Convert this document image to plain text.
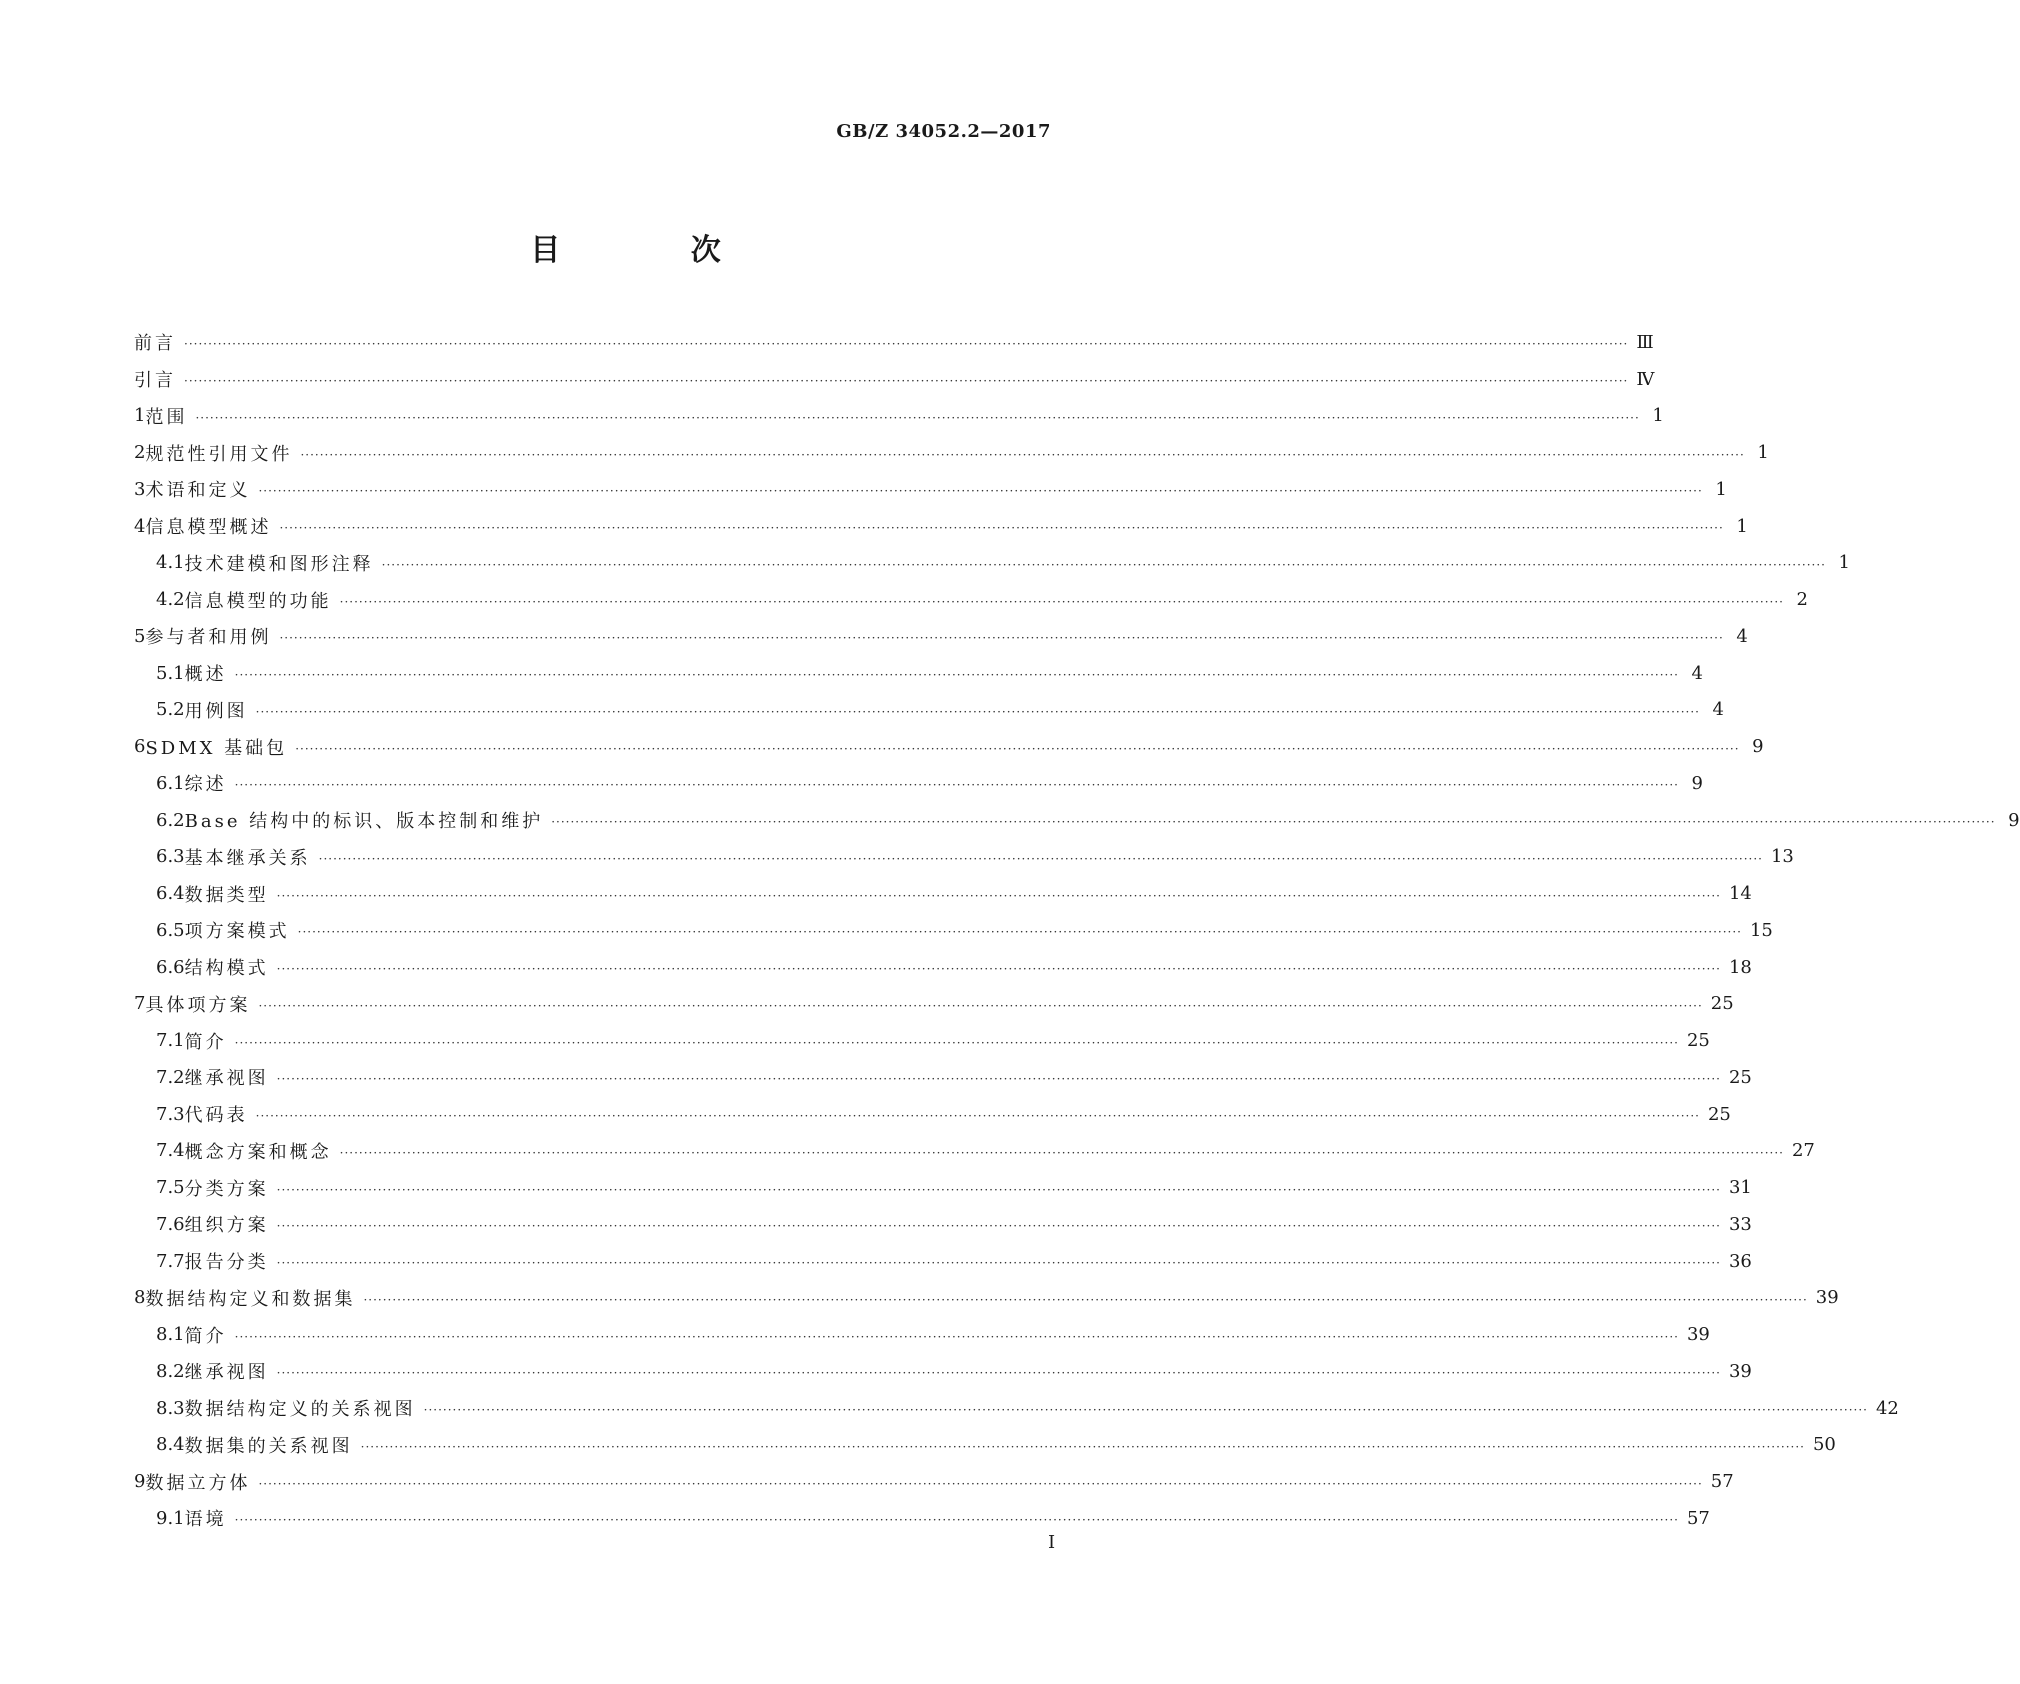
GB/Z 34052.2—2017
目 次
前言 ············································································································································································································································································································ Ⅲ
引言 ············································································································································································································································································································ Ⅳ
1 范围 ············································································································································································································································································································ 1
2 规范性引用文件 ············································································································································································································································································································ 1
3 术语和定义 ············································································································································································································································································································ 1
4 信息模型概述 ············································································································································································································································································································ 1
4.1 技术建模和图形注释 ············································································································································································································································································································ 1
4.2 信息模型的功能 ············································································································································································································································································································ 2
5 参与者和用例 ············································································································································································································································································································ 4
5.1 概述 ············································································································································································································································································································ 4
5.2 用例图 ············································································································································································································································································································ 4
6 SDMX 基础包 ············································································································································································································································································································ 9
6.1 综述 ············································································································································································································································································································ 9
6.2 Base 结构中的标识、版本控制和维护 ············································································································································································································································································································ 9
6.3 基本继承关系 ············································································································································································································································································································ 13
6.4 数据类型 ············································································································································································································································································································ 14
6.5 项方案模式 ············································································································································································································································································································ 15
6.6 结构模式 ············································································································································································································································································································ 18
7 具体项方案 ············································································································································································································································································································ 25
7.1 简介 ············································································································································································································································································································ 25
7.2 继承视图 ············································································································································································································································································································ 25
7.3 代码表 ············································································································································································································································································································ 25
7.4 概念方案和概念 ············································································································································································································································································································ 27
7.5 分类方案 ············································································································································································································································································································ 31
7.6 组织方案 ············································································································································································································································································································ 33
7.7 报告分类 ············································································································································································································································································································ 36
8 数据结构定义和数据集 ············································································································································································································································································································ 39
8.1 简介 ············································································································································································································································································································ 39
8.2 继承视图 ············································································································································································································································································································ 39
8.3 数据结构定义的关系视图 ············································································································································································································································································································ 42
8.4 数据集的关系视图 ············································································································································································································································································································ 50
9 数据立方体 ············································································································································································································································································································ 57
9.1 语境 ············································································································································································································································································································ 57
I
